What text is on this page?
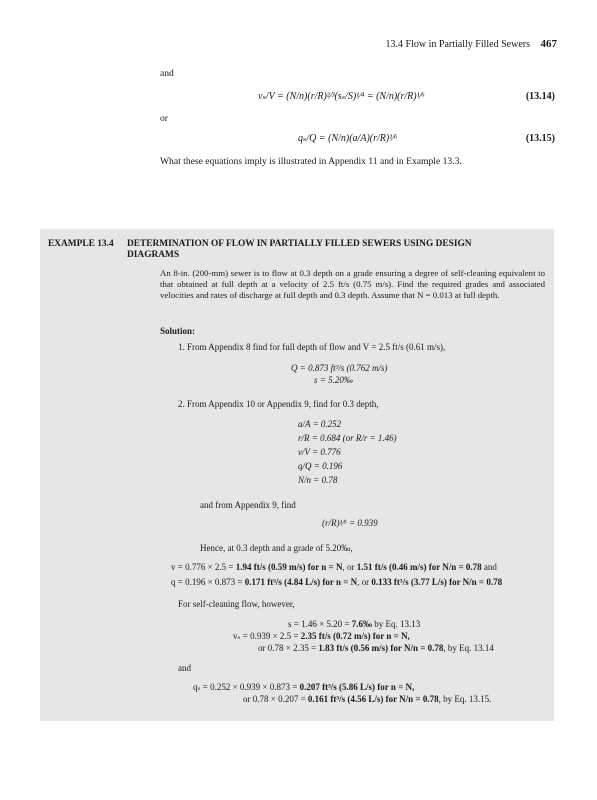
13.4 Flow in Partially Filled Sewers 467
and
vₛ/V = (N/n)(r/R)²⁄³(sₛ/S)¹⁄⁴ = (N/n)(r/R)¹⁄⁶	(13.14)
or
qₛ/Q = (N/n)(a/A)(r/R)¹⁄⁶	(13.15)
What these equations imply is illustrated in Appendix 11 and in Example 13.3.
EXAMPLE 13.4 DETERMINATION OF FLOW IN PARTIALLY FILLED SEWERS USING DESIGN
DIAGRAMS
An 8-in. (200-mm) sewer is to flow at 0.3 depth on a grade ensuring a degree of self-cleaning equivalent to that obtained at full depth at a velocity of 2.5 ft/s (0.75 m/s). Find the required grades and associated velocities and rates of discharge at full depth and 0.3 depth. Assume that N = 0.013 at full depth.
Solution:
1. From Appendix 8 find for full depth of flow and V = 2.5 ft/s (0.61 m/s),
Q = 0.873 ft³/s (0.762 m/s)
s = 5.20‰
2. From Appendix 10 or Appendix 9, find for 0.3 depth,
a/A = 0.252
r/R = 0.684 (or R/r = 1.46)
v/V = 0.776
q/Q = 0.196
N/n = 0.78
and from Appendix 9, find
(r/R)¹⁄⁶ = 0.939
Hence, at 0.3 depth and a grade of 5.20‰,
v = 0.776 × 2.5 = 1.94 ft/s (0.59 m/s) for n = N, or 1.51 ft/s (0.46 m/s) for N/n = 0.78 and
q = 0.196 × 0.873 = 0.171 ft³/s (4.84 L/s) for n = N, or 0.133 ft³/s (3.77 L/s) for N/n = 0.78
For self-cleaning flow, however,
s = 1.46 × 5.20 = 7.6‰ by Eq. 13.13
vₛ = 0.939 × 2.5 = 2.35 ft/s (0.72 m/s) for n = N,
or 0.78 × 2.35 = 1.83 ft/s (0.56 m/s) for N/n = 0.78, by Eq. 13.14
and
qₛ = 0.252 × 0.939 × 0.873 = 0.207 ft³/s (5.86 L/s) for n = N,
or 0.78 × 0.207 = 0.161 ft³/s (4.56 L/s) for N/n = 0.78, by Eq. 13.15.
